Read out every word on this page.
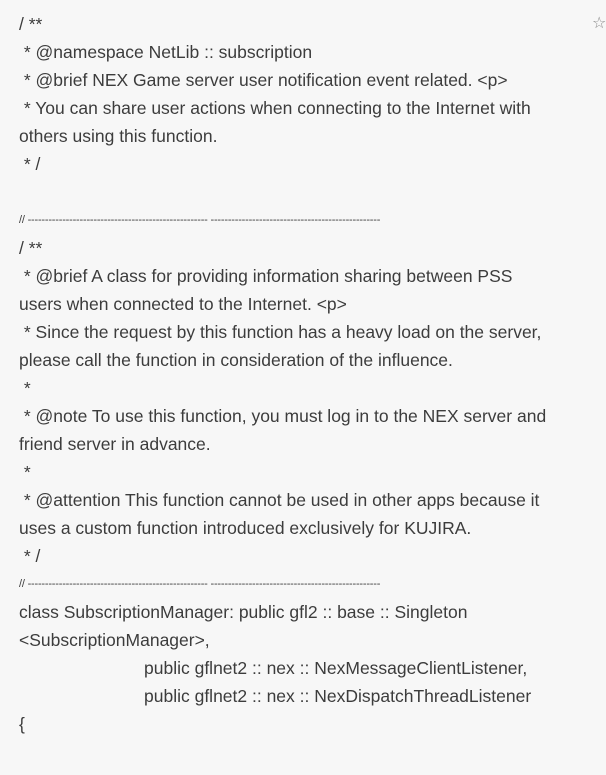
/ **
* @namespace NetLib :: subscription
* @brief NEX Game server user notification event related. <p>
* You can share user actions when connecting to the Internet with
others using this function.
* /
// ---------------------------------------------------- -------------------------------------------------
/ **
* @brief A class for providing information sharing between PSS
users when connected to the Internet. <p>
* Since the request by this function has a heavy load on the server,
please call the function in consideration of the influence.
*
* @note To use this function, you must log in to the NEX server and
friend server in advance.
*
* @attention This function cannot be used in other apps because it
uses a custom function introduced exclusively for KUJIRA.
* /
// ---------------------------------------------------- -------------------------------------------------
class SubscriptionManager: public gfl2 :: base :: Singleton
<SubscriptionManager>,
public gflnet2 :: nex :: NexMessageClientListener,
public gflnet2 :: nex :: NexDispatchThreadListener
{
☆
